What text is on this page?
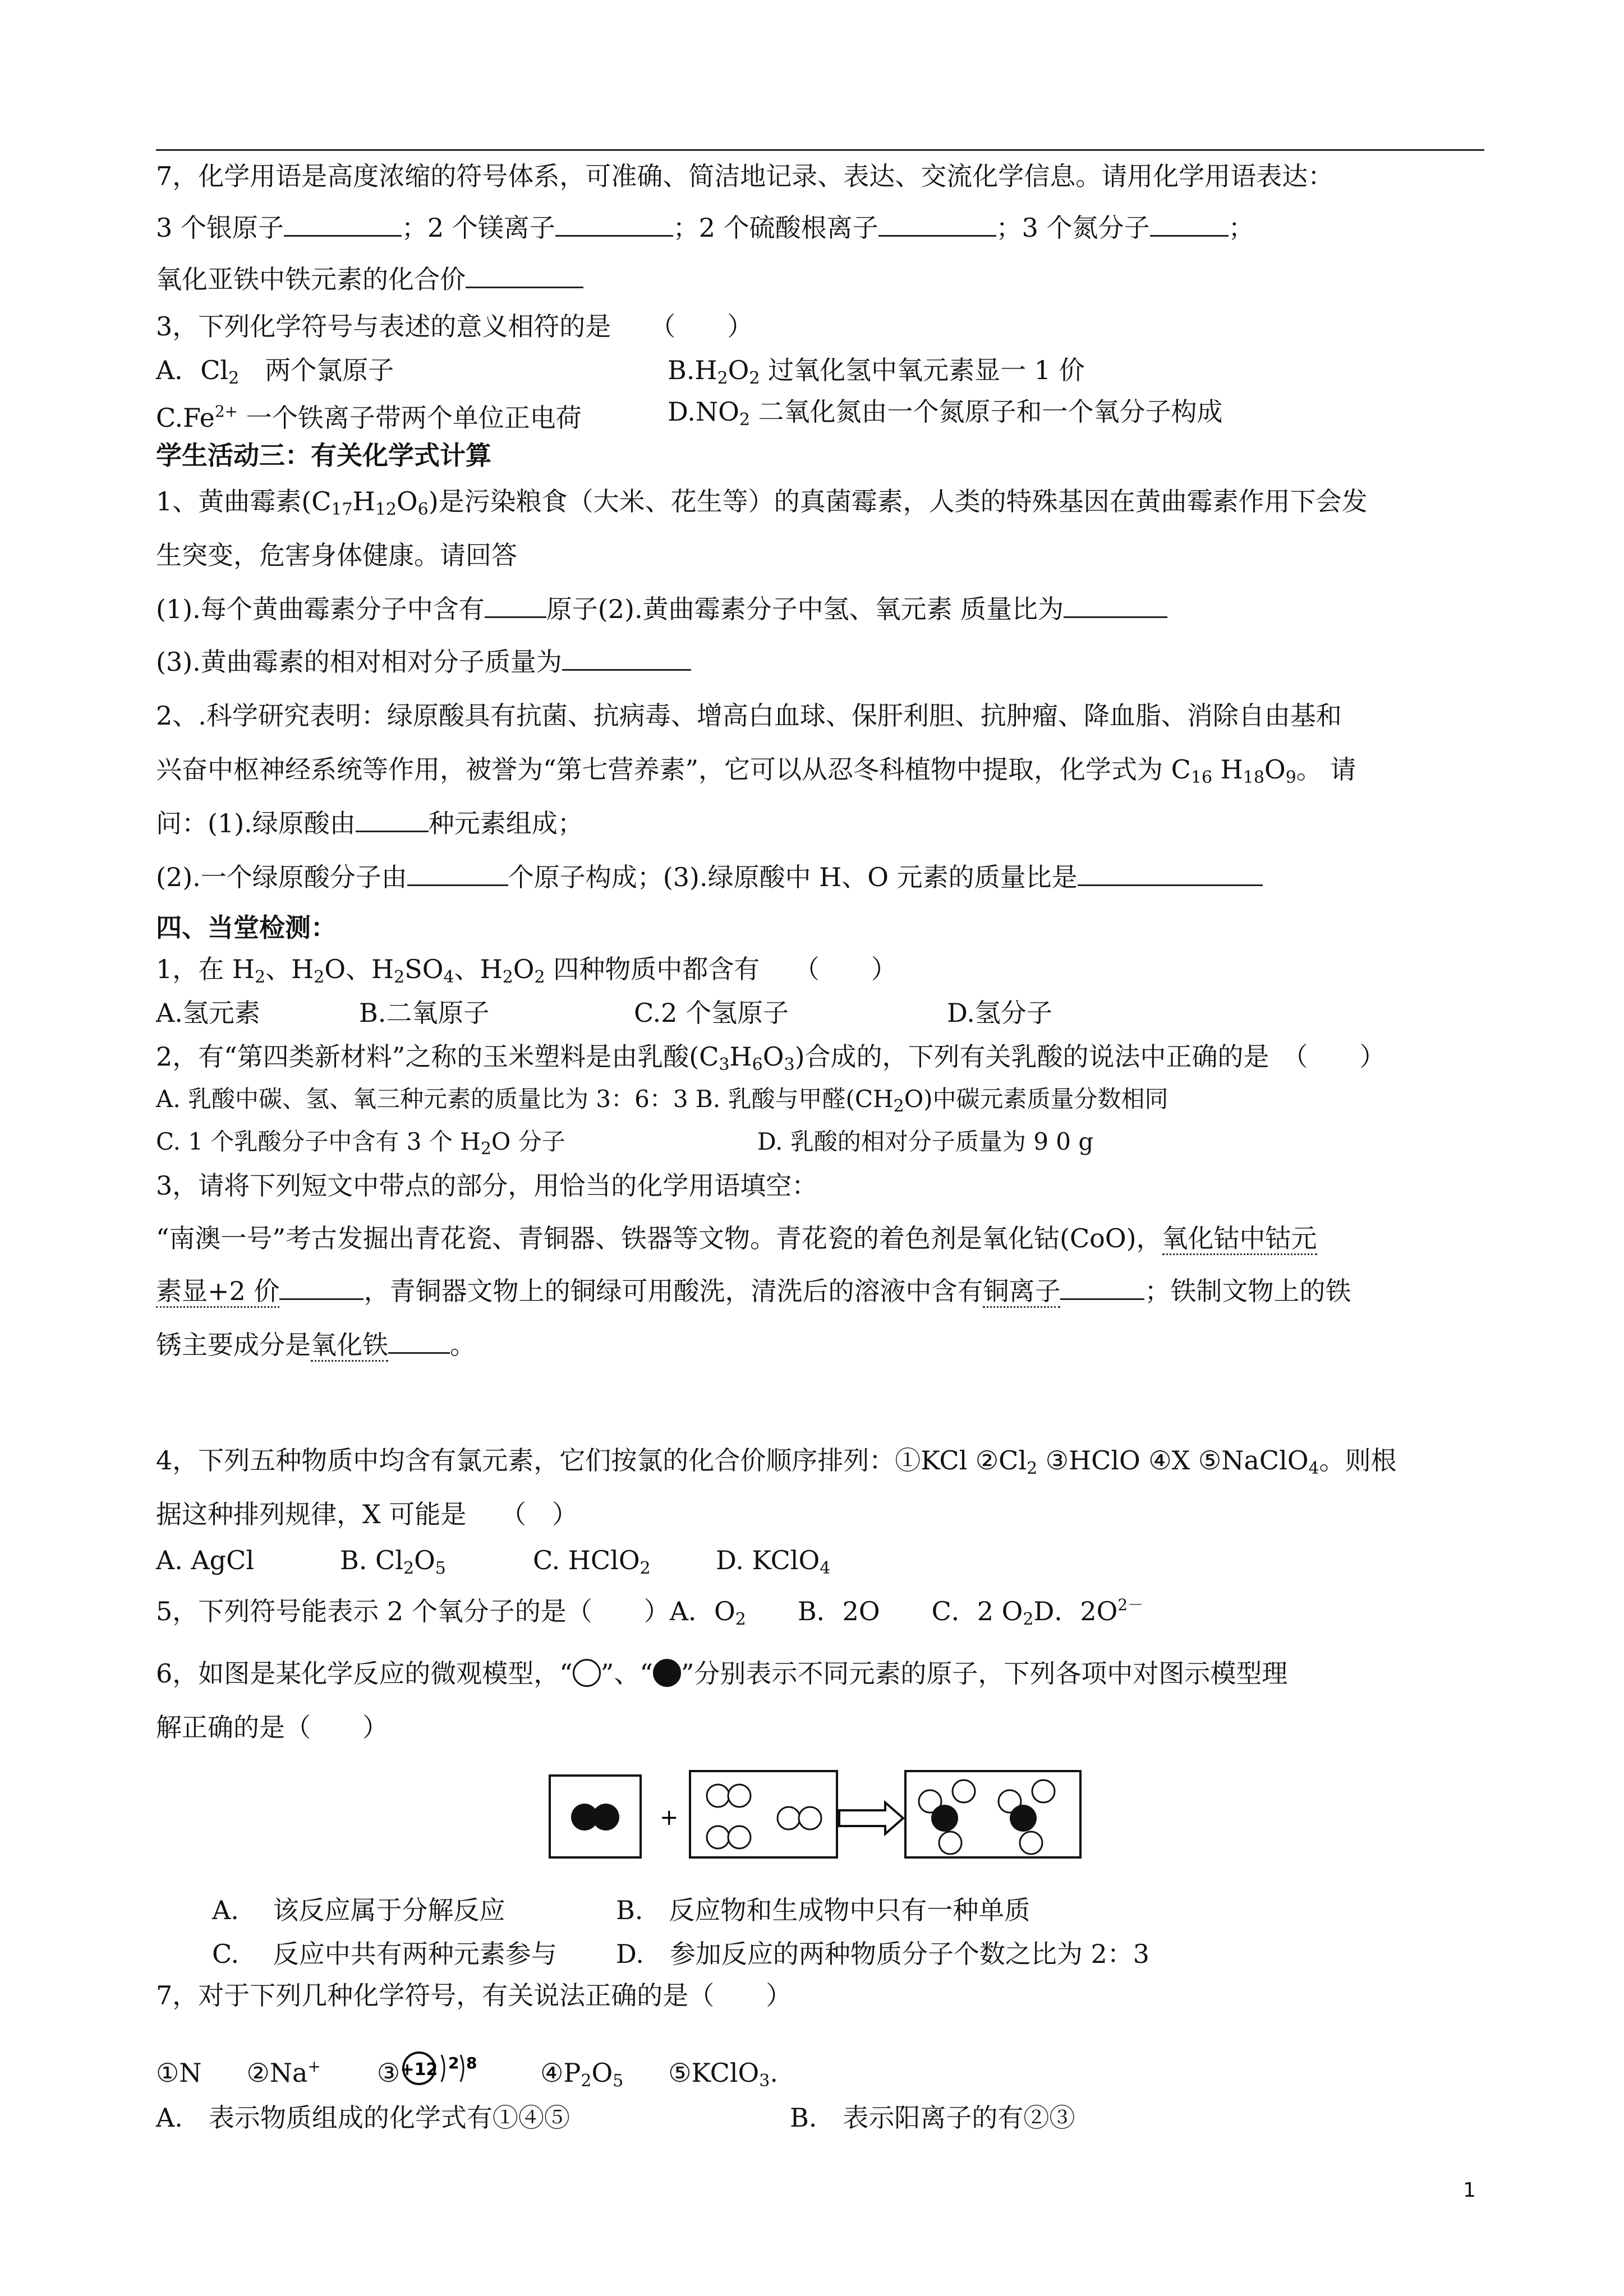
7，化学用语是高度浓缩的符号体系，可准确、简洁地记录、表达、交流化学信息。请用化学用语表达：
3 个银原子	；2 个镁离子	；2 个硫酸根离子	；3 个氮分子	；
氧化亚铁中铁元素的化合价
3，下列化学符号与表述的意义相符的是　　（　　）
A．$Cl_2$　两个氯原子	$B.H_2O_2$ 过氧化氢中氧元素显一 1 价
$C.Fe^{2+}$ 一个铁离子带两个单位正电荷	$D.NO_2$ 二氧化氮由一个氮原子和一个氧分子构成
学生活动三：有关化学式计算
1、黄曲霉素$(C_{17}H_{12}O_6)$是污染粮食（大米、花生等）的真菌霉素，人类的特殊基因在黄曲霉素作用下会发
生突变，危害身体健康。请回答
(1).每个黄曲霉素分子中含有 原子(2).黄曲霉素分子中氢、氧元素 质量比为
(3).黄曲霉素的相对相对分子质量为
2、.科学研究表明：绿原酸具有抗菌、抗病毒、增高白血球、保肝利胆、抗肿瘤、降血脂、消除自由基和
兴奋中枢神经系统等作用，被誉为“第七营养素”，它可以从忍冬科植物中提取，化学式为 $C_{16}$ $H_{18}O_9$。 请
问：(1).绿原酸由	种元素组成；
(2).一个绿原酸分子由	个原子构成；(3).绿原酸中 H、O 元素的质量比是
四、当堂检测：
1，在 $H_2$、$H_2O$、$H_2SO_4$、$H_2O_2$ 四种物质中都含有　 （　　）
A.氢元素	B.二氧原子	C.2 个氢原子	D.氢分子
2，有“第四类新材料”之称的玉米塑料是由乳酸$(C_3H_6O_3)$合成的，下列有关乳酸的说法中正确的是　（　　）
A. 乳酸中碳、氢、氧三种元素的质量比为 3：6：3 B. 乳酸与甲醛$(CH_2O)$中碳元素质量分数相同
C. 1 个乳酸分子中含有 3 个 $H_2O$ 分子	D. 乳酸的相对分子质量为 9 0 g
3，请将下列短文中带点的部分，用恰当的化学用语填空：
“南澳一号”考古发掘出青花瓷、青铜器、铁器等文物。青花瓷的着色剂是氧化钴(CoO)，氧化钴中钴元
素显+2 价	，青铜器文物上的铜绿可用酸洗，清洗后的溶液中含有铜离子	；铁制文物上的铁
锈主要成分是氧化铁 。
4，下列五种物质中均含有氯元素，它们按氯的化合价顺序排列：①KCl $②Cl_2$ ③HClO ④X ⑤NaClO$_4$。则根
据这种排列规律，X 可能是　 （　）
A. AgCl	B. $Cl_2O_5$	C. HClO$_2$	D. KClO$_4$
5，下列符号能表示 2 个氧分子的是（　　）A．$O_2$　　B．2O　　C．2 $O_2D$．$2O^{2-}$
6，如图是某化学反应的微观模型，“ ”、“ ”分别表示不同元素的原子，下列各项中对图示模型理
解正确的是（　　）
+
A.　 该反应属于分解反应	B.　反应物和生成物中只有一种单质
C.　 反应中共有两种元素参与 D.　参加反应的两种物质分子个数之比为 2：3
7，对于下列几种化学符号，有关说法正确的是（　　）
①N ②Na+ ③ +12 2 8 $④P_2O_5$ ⑤KClO$_3$.
A.　表示物质组成的化学式有①④⑤	B.　表示阳离子的有②③
1
